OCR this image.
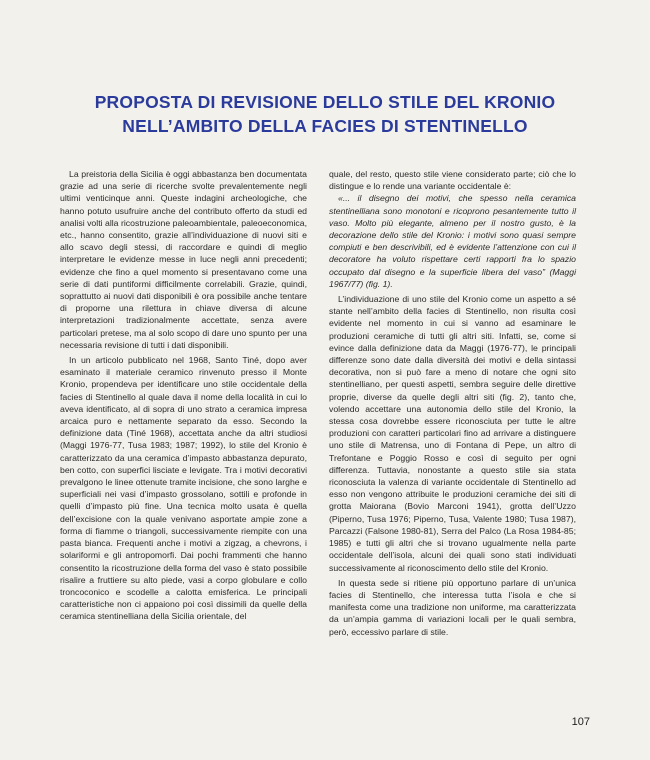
PROPOSTA DI REVISIONE DELLO STILE DEL KRONIO
NELL’AMBITO DELLA FACIES DI STENTINELLO

La preistoria della Sicilia è oggi abbastanza ben documentata grazie ad una serie di ricerche svolte prevalentemente negli ultimi venticinque anni. Queste indagini archeologiche, che hanno potuto usufruire anche del contributo offerto da studi ed analisi volti alla ricostruzione paleoambientale, paleoeconomica, etc., hanno consentito, grazie all’individuazione di nuovi siti e allo scavo degli stessi, di raccordare e quindi di meglio interpretare le evidenze messe in luce negli anni precedenti; evidenze che fino a quel momento si presentavano come una serie di dati puntiformi difficilmente correlabili. Grazie, quindi, soprattutto ai nuovi dati disponibili è ora possibile anche tentare di proporne una rilettura in chiave diversa di alcune interpretazioni tradizionalmente accettate, senza avere particolari pretese, ma al solo scopo di dare uno spunto per una necessaria revisione di tutti i dati disponibili.

In un articolo pubblicato nel 1968, Santo Tiné, dopo aver esaminato il materiale ceramico rinvenuto presso il Monte Kronio, propendeva per identificare uno stile occidentale della facies di Stentinello al quale dava il nome della località in cui lo aveva identificato, al di sopra di uno strato a ceramica impresa arcaica puro e nettamente separato da esso. Secondo la definizione data (Tiné 1968), accettata anche da altri studiosi (Maggi 1976-77, Tusa 1983; 1987; 1992), lo stile del Kronio è caratterizzato da una ceramica d’impasto abbastanza depurato, ben cotto, con superfici lisciate e levigate. Tra i motivi decorativi prevalgono le linee ottenute tramite incisione, che sono larghe e superficiali nei vasi d’impasto grossolano, sottili e profonde in quelli d’impasto più fine. Una tecnica molto usata è quella dell’excisione con la quale venivano asportate ampie zone a forma di fiamme o triangoli, successivamente riempite con una pasta bianca. Frequenti anche i motivi a zigzag, a chevrons, i solariformi e gli antropomorfi. Dai pochi frammenti che hanno consentito la ricostruzione della forma del vaso è stato possibile risalire a fruttiere su alto piede, vasi a corpo globulare e collo troncoconico e scodelle a calotta emisferica. Le principali caratteristiche non ci appaiono poi così dissimili da quelle della ceramica stentinelliana della Sicilia orientale, del

quale, del resto, questo stile viene considerato parte; ciò che lo distingue e lo rende una variante occidentale è:

«... il disegno dei motivi, che spesso nella ceramica stentinelliana sono monotoni e ricoprono pesantemente tutto il vaso. Molto più elegante, almeno per il nostro gusto, è la decorazione dello stile del Kronio: i motivi sono quasi sempre compiuti e ben descrivibili, ed è evidente l’attenzione con cui il decoratore ha voluto rispettare certi rapporti fra lo spazio occupato dal disegno e la superficie libera del vaso” (Maggi 1967/77) (fig. 1).

L’individuazione di uno stile del Kronio come un aspetto a sé stante nell’ambito della facies di Stentinello, non risulta così evidente nel momento in cui si vanno ad esaminare le produzioni ceramiche di tutti gli altri siti. Infatti, se, come si evince dalla definizione data da Maggi (1976-77), le principali differenze sono date dalla diversità dei motivi e della sintassi decorativa, non si può fare a meno di notare che ogni sito stentinelliano, per questi aspetti, sembra seguire delle direttive proprie, diverse da quelle degli altri siti (fig. 2), tanto che, volendo accettare una autonomia dello stile del Kronio, la stessa cosa dovrebbe essere riconosciuta per tutte le altre produzioni con caratteri particolari fino ad arrivare a distinguere uno stile di Matrensa, uno di Fontana di Pepe, un altro di Trefontane e Poggio Rosso e così di seguito per ogni differenza. Tuttavia, nonostante a questo stile sia stata riconosciuta la valenza di variante occidentale di Stentinello ad esso non vengono attribuite le produzioni ceramiche dei siti di grotta Maiorana (Bovio Marconi 1941), grotta dell’Uzzo (Piperno, Tusa 1976; Piperno, Tusa, Valente 1980; Tusa 1987), Parcazzi (Falsone 1980-81), Serra del Palco (La Rosa 1984-85; 1985) e tutti gli altri che si trovano ugualmente nella parte occidentale dell’isola, alcuni dei quali sono stati individuati successivamente al riconoscimento dello stile del Kronio.

In questa sede si ritiene più opportuno parlare di un’unica facies di Stentinello, che interessa tutta l’isola e che si manifesta come una tradizione non uniforme, ma caratterizzata da un’ampia gamma di variazioni locali per le quali sembra, però, eccessivo parlare di stile.

107
